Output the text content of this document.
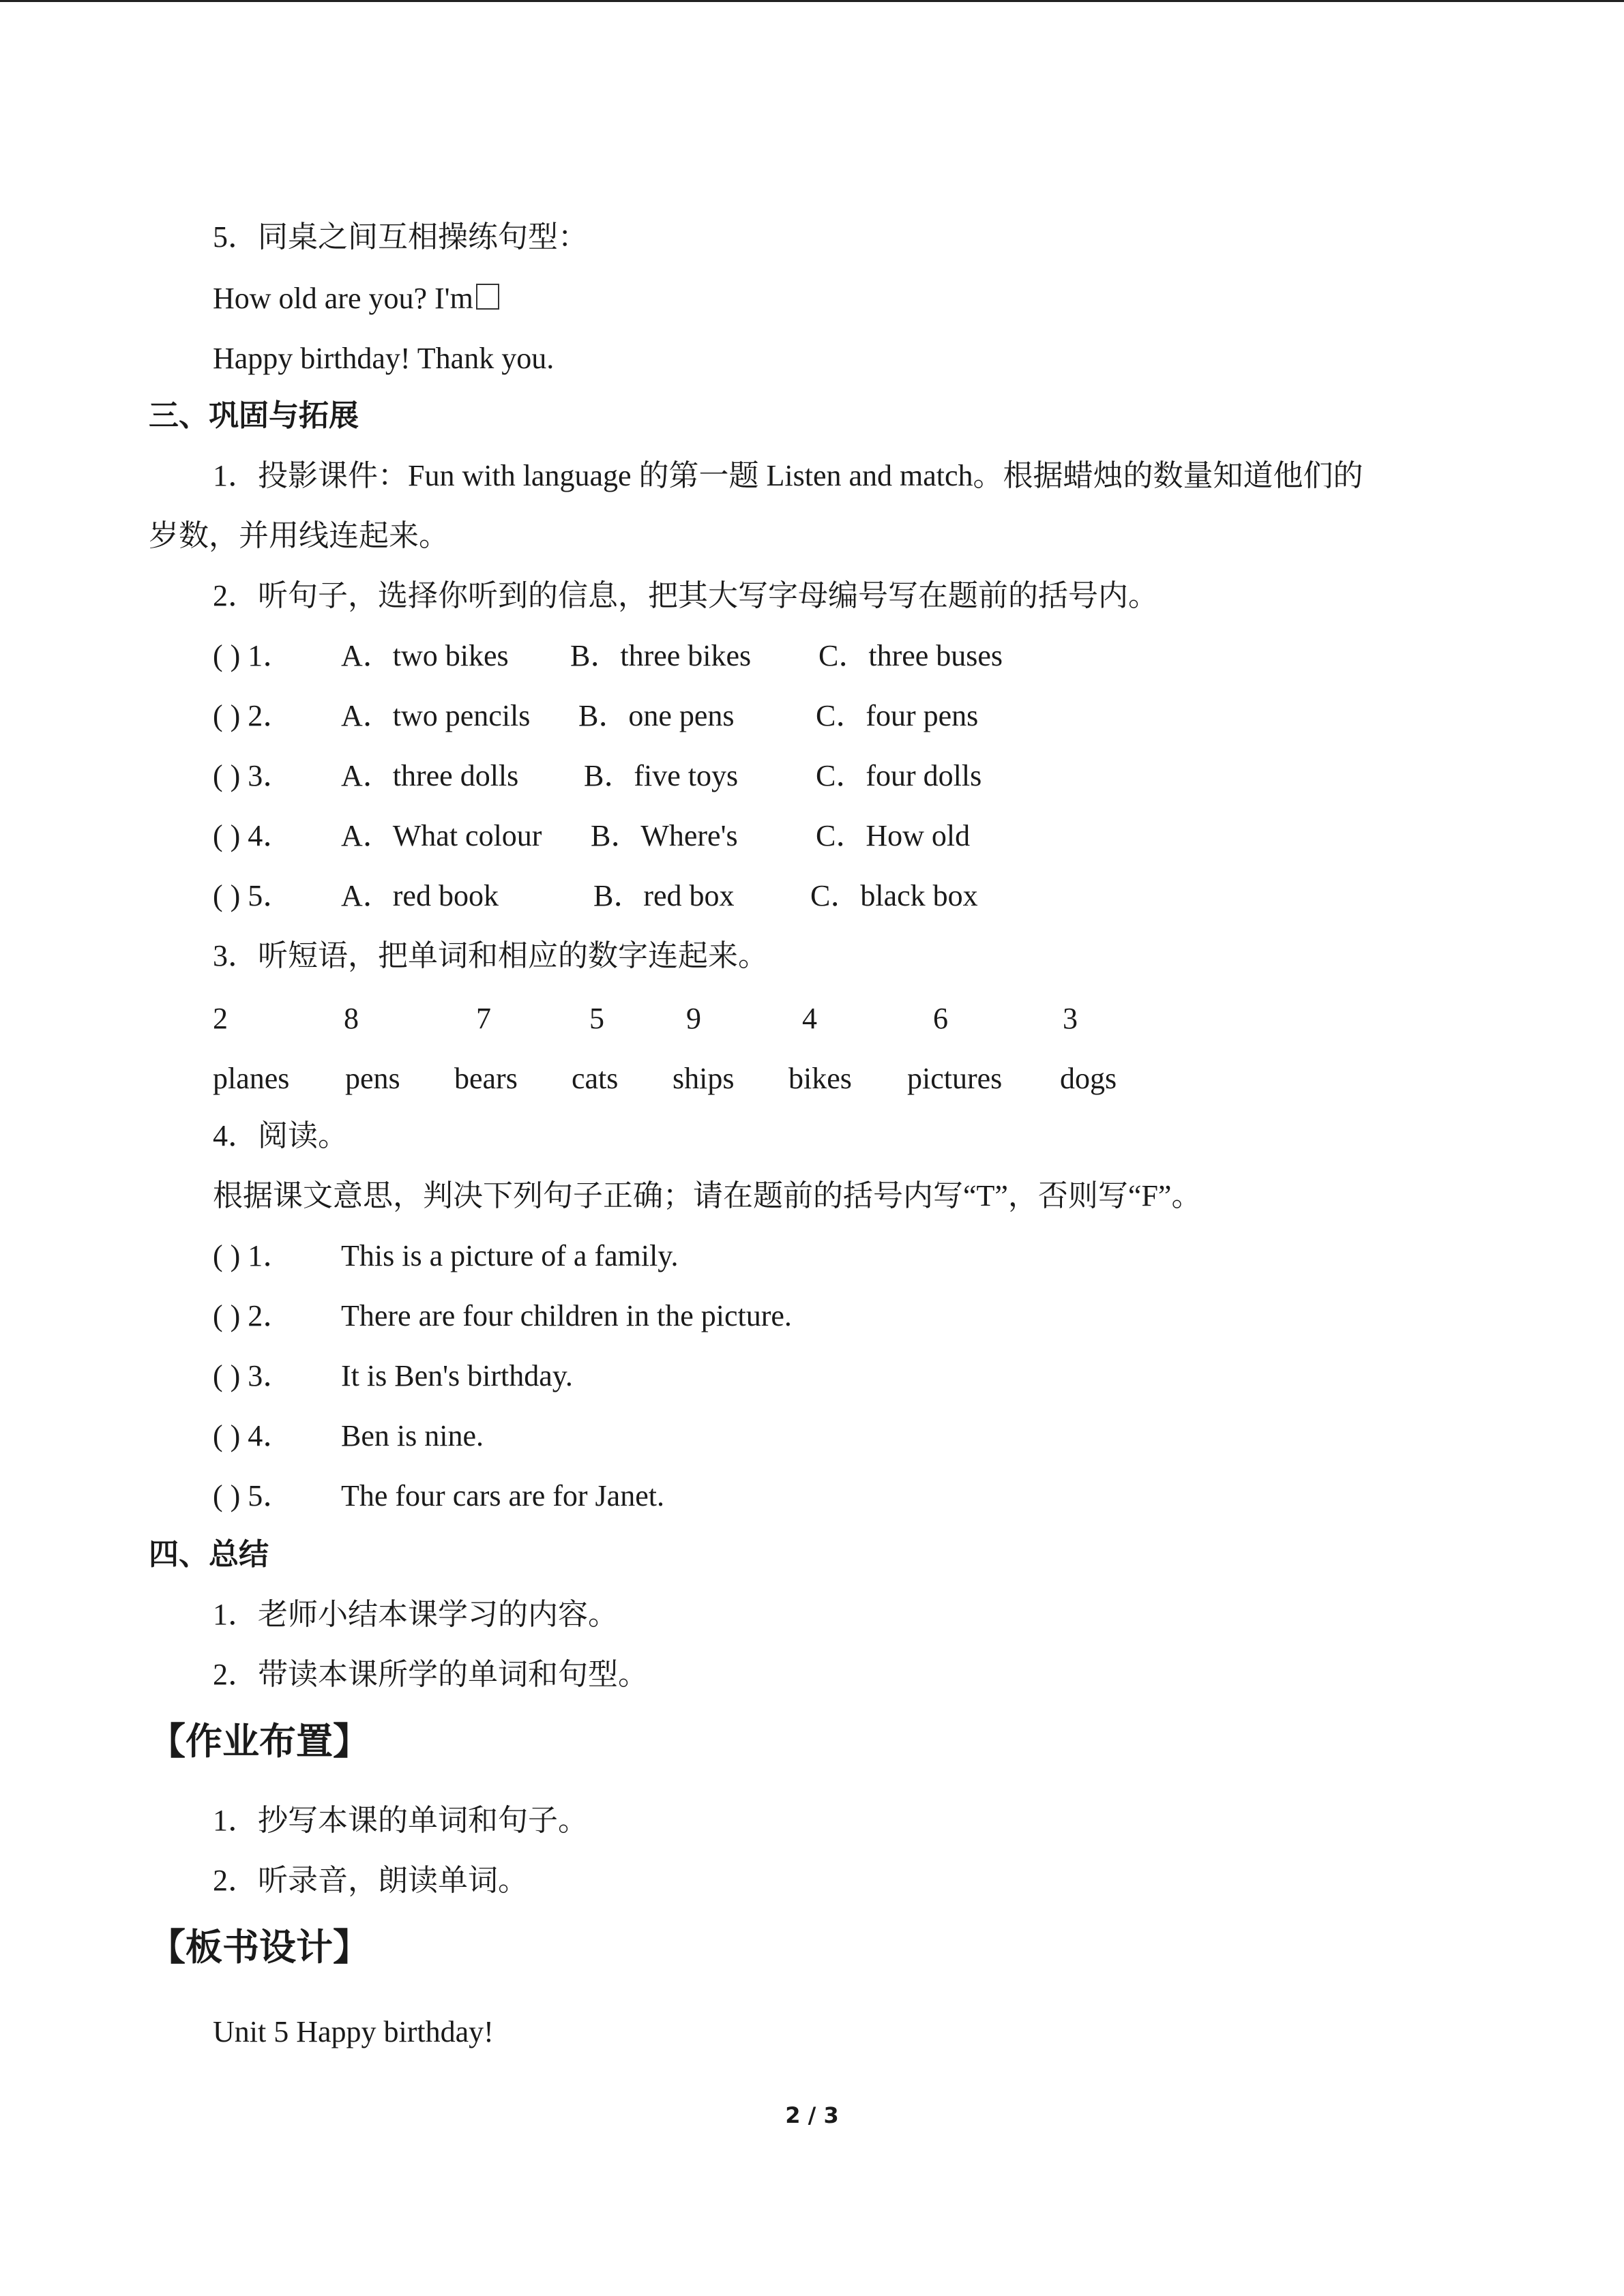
5．同桌之间互相操练句型：
How old are you? I'm
Happy birthday! Thank you.
三、巩固与拓展
1．投影课件：Fun with language 的第一题 Listen and match。根据蜡烛的数量知道他们的
岁数，并用线连起来。
2．听句子，选择你听到的信息，把其大写字母编号写在题前的括号内。
( ) 1． A．two bikes B．three bikes C．three buses
( ) 2． A．two pencils B．one pens	C．four pens
( ) 3． A．three dolls B．five toys	C．four dolls
( ) 4． A．What colour B．Where's	C．How old
( ) 5． A．red book	B．red box	C．black box
3．听短语，把单词和相应的数字连起来。
2	8	7	5	9	4	6	3
planes pens bears cats ships bikes pictures dogs
4．阅读。
根据课文意思，判决下列句子正确；请在题前的括号内写“T”，否则写“F”。
( ) 1． This is a picture of a family.
( ) 2． There are four children in the picture.
( ) 3． It is Ben's birthday.
( ) 4． Ben is nine.
( ) 5． The four cars are for Janet.
四、总结
1．老师小结本课学习的内容。
2．带读本课所学的单词和句型。
【作业布置】
1．抄写本课的单词和句子。
2．听录音，朗读单词。
【板书设计】
Unit 5 Happy birthday!
2 / 3
